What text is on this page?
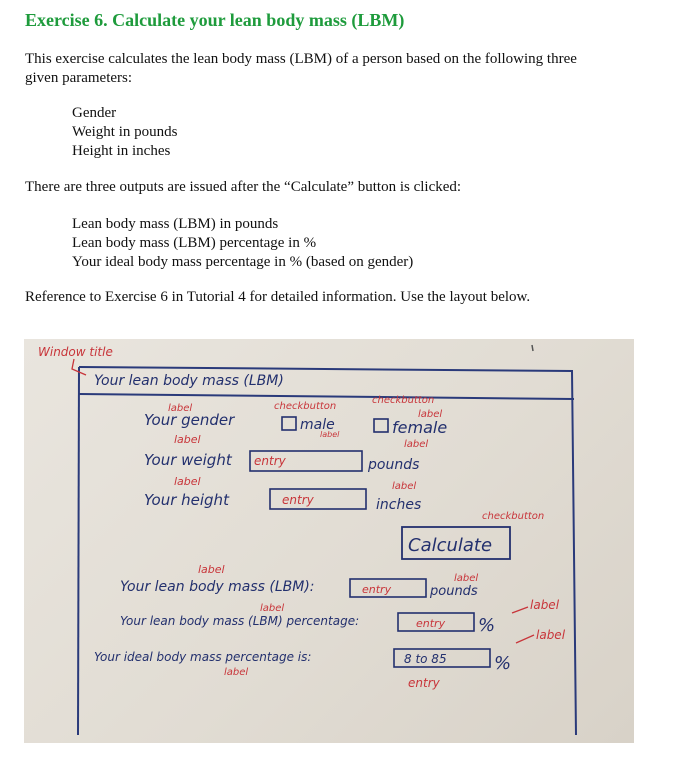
Exercise 6. Calculate your lean body mass (LBM)

This exercise calculates the lean body mass (LBM) of a person based on the following three

given parameters:

Gender
Weight in pounds
Height in inches

There are three outputs are issued after the “Calculate” button is clicked:

Lean body mass (LBM) in pounds
Lean body mass (LBM) percentage in %
Your ideal body mass percentage in % (based on gender)

Reference to Exercise 6 in Tutorial 4 for detailed information. Use the layout below.

Window title
Your lean body mass (LBM)
label
Your gender
checkbutton
checkbutton
label
male
label	female
label
Your weight entry
label
pounds
label
Your height	entry
label
inches
checkbutton
Calculate
label
Your lean body mass (LBM):	entry
label
pounds
label
Your lean body mass (LBM) percentage:	entry %
label
Your ideal body mass percentage is:
label
8 to 85	%
entry
label
